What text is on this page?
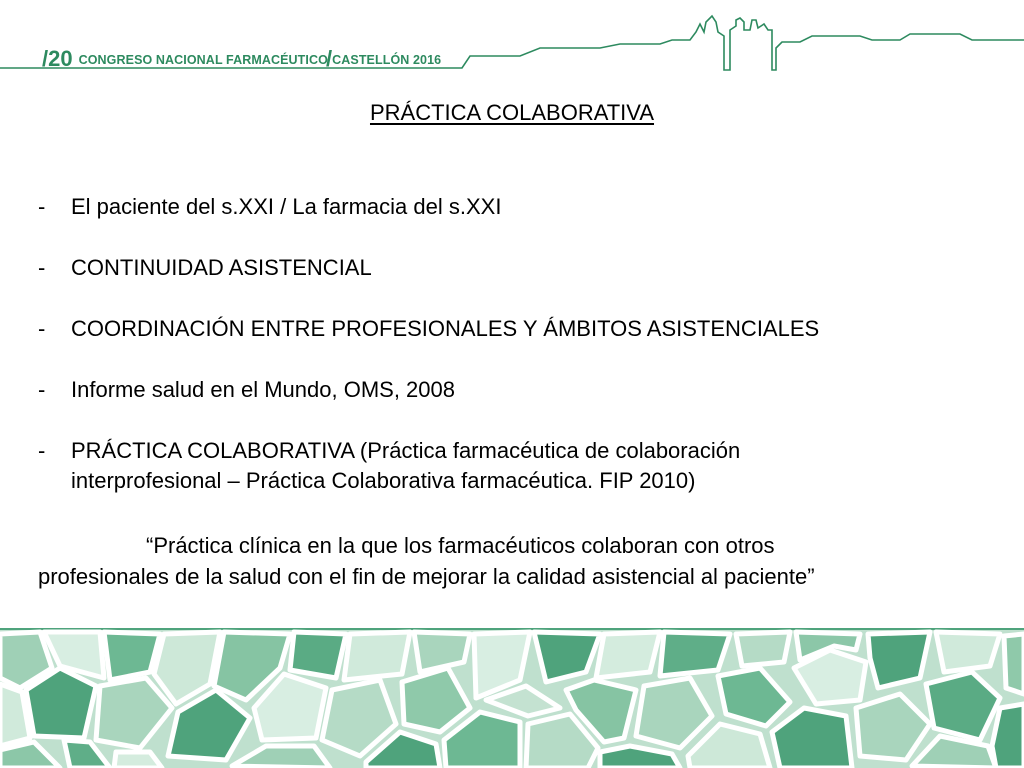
/20 CONGRESO NACIONAL FARMACÉUTICO
/CASTELLÓN 2016
PRÁCTICA COLABORATIVA
- El paciente del s.XXI / La farmacia del s.XXI
- CONTINUIDAD ASISTENCIAL
- COORDINACIÓN ENTRE PROFESIONALES Y ÁMBITOS ASISTENCIALES
- Informe salud en el Mundo, OMS, 2008
- PRÁCTICA COLABORATIVA (Práctica farmacéutica de colaboración
interprofesional – Práctica Colaborativa farmacéutica. FIP 2010)
“Práctica clínica en la que los farmacéuticos colaboran con otros
profesionales de la salud con el fin de mejorar la calidad asistencial al paciente”
